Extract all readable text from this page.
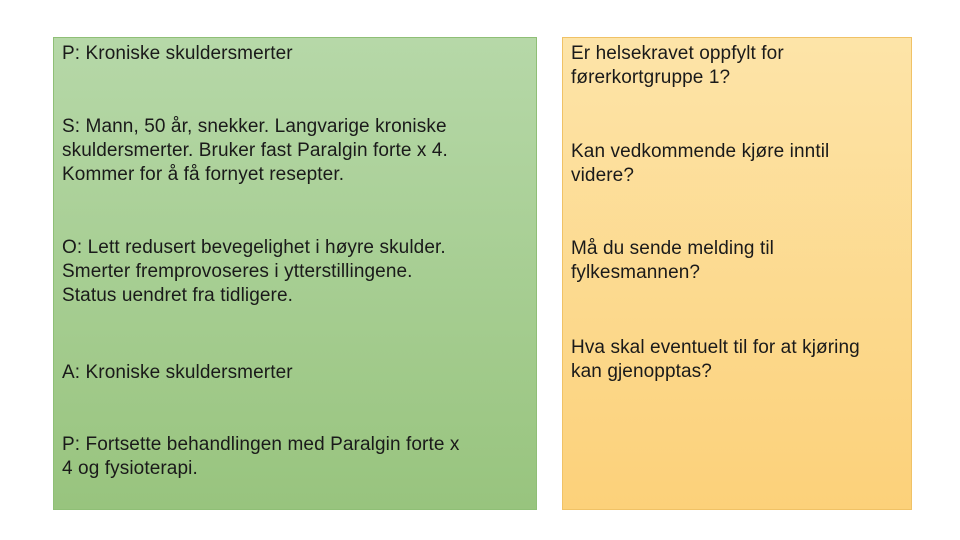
P: Kroniske skuldersmerter

S: Mann, 50 år, snekker. Langvarige kroniske
skuldersmerter. Bruker fast Paralgin forte x 4.
Kommer for å få fornyet resepter.

O: Lett redusert bevegelighet i høyre skulder.
Smerter fremprovoseres i ytterstillingene.
Status uendret fra tidligere.

A: Kroniske skuldersmerter

P: Fortsette behandlingen med Paralgin forte x
4 og fysioterapi.

Er helsekravet oppfylt for
førerkortgruppe 1?

Kan vedkommende kjøre inntil
videre?

Må du sende melding til
fylkesmannen?

Hva skal eventuelt til for at kjøring
kan gjenopptas?
